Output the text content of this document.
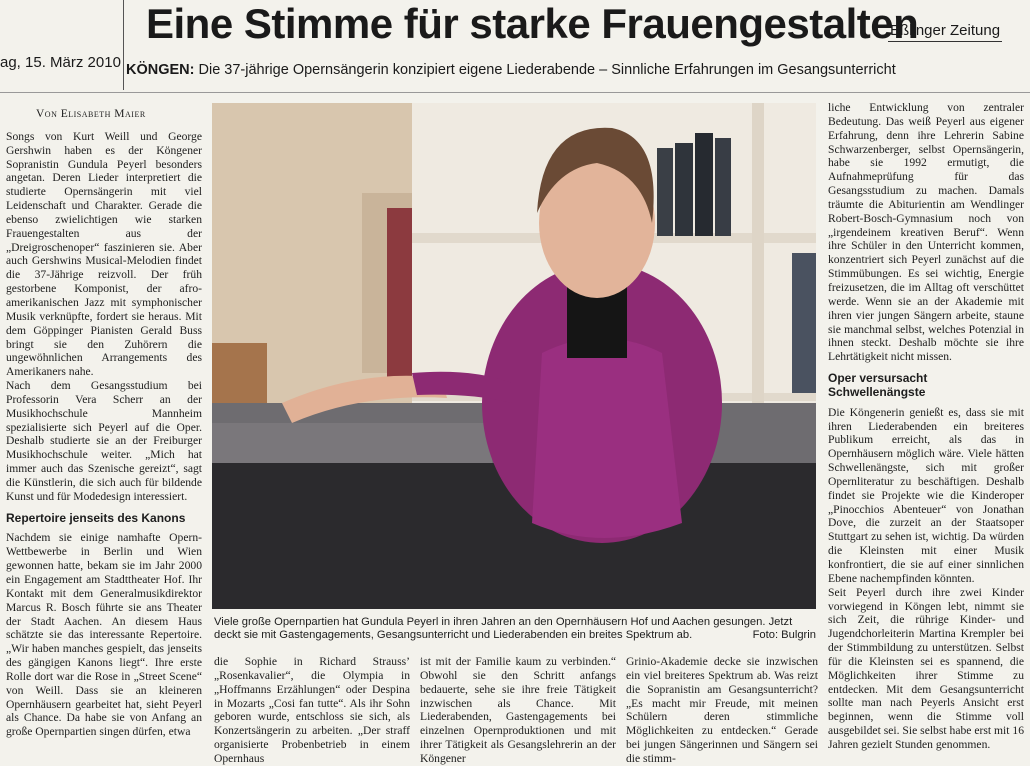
ag, 15. März 2010
Eine Stimme für starke Frauengestalten
Eßlinger Zeitung
KÖNGEN: Die 37-jährige Opernsängerin konzipiert eigene Liederabende – Sinnliche Erfahrungen im Gesangsunterricht
Von Elisabeth Maier

Songs von Kurt Weill und George Gershwin haben es der Köngener Sopranistin Gundula Peyerl besonders angetan. Deren Lieder interpretiert die studierte Opernsängerin mit viel Leidenschaft und Charakter. Gerade die ebenso zwielichtigen wie starken Frauengestalten aus der „Dreigroschenoper“ faszinieren sie. Aber auch Gershwins Musical-Melodien findet die 37-Jährige reizvoll. Der früh gestorbene Komponist, der afro-amerikanischen Jazz mit symphonischer Musik verknüpfte, fordert sie heraus. Mit dem Göppinger Pianisten Gerald Buss bringt sie den Zuhörern die ungewöhnlichen Arrangements des Amerikaners nahe.

Nach dem Gesangsstudium bei Professorin Vera Scherr an der Musikhochschule Mannheim spezialisierte sich Peyerl auf die Oper. Deshalb studierte sie an der Freiburger Musikhochschule weiter. „Mich hat immer auch das Szenische gereizt“, sagt die Künstlerin, die sich auch für bildende Kunst und für Modedesign interessiert.

Repertoire jenseits des Kanons

Nachdem sie einige namhafte Opern-Wettbewerbe in Berlin und Wien gewonnen hatte, bekam sie im Jahr 2000 ein Engagement am Stadttheater Hof. Ihr Kontakt mit dem Generalmusikdirektor Marcus R. Bosch führte sie ans Theater der Stadt Aachen. An diesem Haus schätzte sie das interessante Repertoire. „Wir haben manches gespielt, das jenseits des gängigen Kanons liegt“. Ihre erste Rolle dort war die Rose in „Street Scene“ von Weill. Dass sie an kleineren Opernhäusern gearbeitet hat, sieht Peyerl als Chance. Da habe sie von Anfang an große Opernpartien singen dürfen, etwa

Viele große Opernpartien hat Gundula Peyerl in ihren Jahren an den Opernhäusern Hof und Aachen gesungen. Jetzt deckt sie mit Gastengagements, Gesangsunterricht und Liederabenden ein breites Spektrum ab.	Foto: Bulgrin

die Sophie in Richard Strauss’ „Rosenkavalier“, die Olympia in „Hoffmanns Erzählungen“ oder Despina in Mozarts „Cosi fan tutte“. Als ihr Sohn geboren wurde, entschloss sie sich, als Konzertsängerin zu arbeiten. „Der straff organisierte Probenbetrieb in einem Opernhaus

ist mit der Familie kaum zu verbinden.“ Obwohl sie den Schritt anfangs bedauerte, sehe sie ihre freie Tätigkeit inzwischen als Chance. Mit Liederabenden, Gastengagements bei einzelnen Opernproduktionen und mit ihrer Tätigkeit als Gesangslehrerin an der Köngener

Grinio-Akademie decke sie inzwischen ein viel breiteres Spektrum ab. Was reizt die Sopranistin am Gesangsunterricht? „Es macht mir Freude, mit meinen Schülern deren stimmliche Möglichkeiten zu entdecken.“ Gerade bei jungen Sängerinnen und Sängern sei die stimm-

liche Entwicklung von zentraler Bedeutung. Das weiß Peyerl aus eigener Erfahrung, denn ihre Lehrerin Sabine Schwarzenberger, selbst Opernsängerin, habe sie 1992 ermutigt, die Aufnahmeprüfung für das Gesangsstudium zu machen. Damals träumte die Abiturientin am Wendlinger Robert-Bosch-Gymnasium noch von „irgendeinem kreativen Beruf“. Wenn ihre Schüler in den Unterricht kommen, konzentriert sich Peyerl zunächst auf die Stimmübungen. Es sei wichtig, Energie freizusetzen, die im Alltag oft verschüttet werde. Wenn sie an der Akademie mit ihren vier jungen Sängern arbeite, staune sie manchmal selbst, welches Potenzial in ihnen steckt. Deshalb möchte sie ihre Lehrtätigkeit nicht missen.

Oper versursacht Schwellenängste

Die Köngenerin genießt es, dass sie mit ihren Liederabenden ein breiteres Publikum erreicht, als das in Opernhäusern möglich wäre. Viele hätten Schwellenängste, sich mit großer Opernliteratur zu beschäftigen. Deshalb findet sie Projekte wie die Kinderoper „Pinocchios Abenteuer“ von Jonathan Dove, die zurzeit an der Staatsoper Stuttgart zu sehen ist, wichtig. Da würden die Kleinsten mit einer Musik konfrontiert, die sie auf einer sinnlichen Ebene nachempfinden könnten.

Seit Peyerl durch ihre zwei Kinder vorwiegend in Köngen lebt, nimmt sie sich Zeit, die rührige Kinder- und Jugendchorleiterin Martina Krempler bei der Stimmbildung zu unterstützen. Selbst für die Kleinsten sei es spannend, die Möglichkeiten ihrer Stimme zu entdecken. Mit dem Gesangsunterricht sollte man nach Peyerls Ansicht erst beginnen, wenn die Stimme voll ausgebildet sei. Sie selbst habe erst mit 16 Jahren gezielt Stunden genommen.
